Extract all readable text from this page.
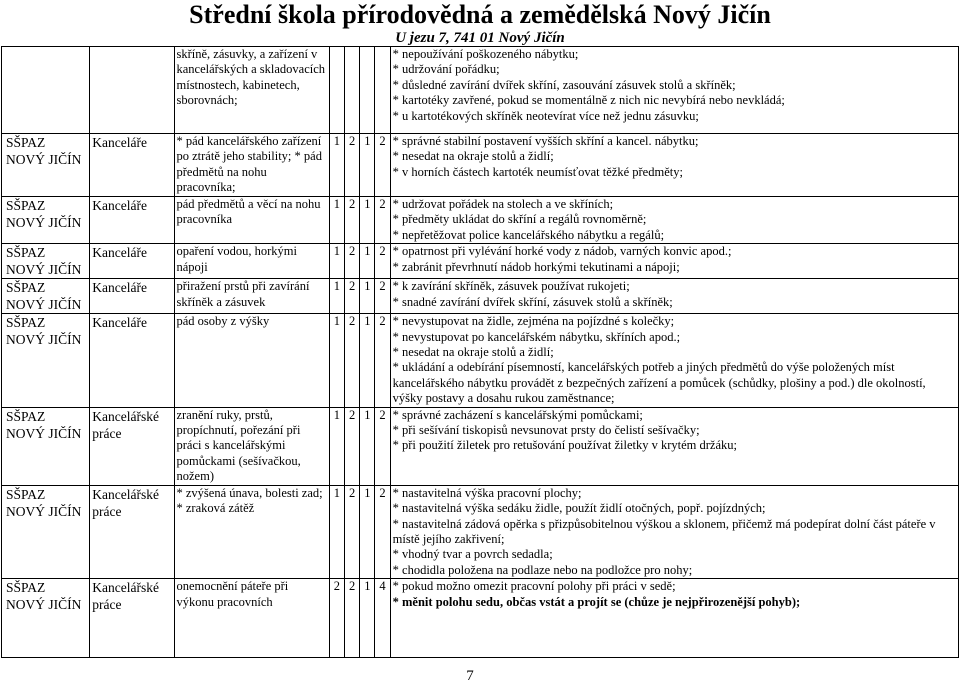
Střední škola přírodovědná a zemědělská Nový Jičín
U jezu 7, 741 01 Nový Jičín
		skříně, zásuvky, a zařízení v kancelářských a skladovacích místnostech, kabinetech, sborovnách;					* nepoužívání poškozeného nábytku;
* udržování pořádku;
* důsledné zavírání dvířek skříní, zasouvání zásuvek stolů a skříněk;
* kartotéky zavřené, pokud se momentálně z nich nic nevybírá nebo nevkládá;
* u kartotékových skříněk neotevírat více než jednu zásuvku;

SŠPAZ NOVÝ JIČÍN	Kanceláře	* pád kancelářského zařízení po ztrátě jeho stability; * pád předmětů na nohu pracovníka;	1	2	1	2	* správné stabilní postavení vyšších skříní a kancel. nábytku;
* nesedat na okraje stolů a židlí;
* v horních částech kartoték neumísťovat těžké předměty;

SŠPAZ NOVÝ JIČÍN	Kanceláře	pád předmětů a věcí na nohu pracovníka	1	2	1	2	* udržovat pořádek na stolech a ve skříních;
* předměty ukládat do skříní a regálů rovnoměrně;
* nepřetěžovat police kancelářského nábytku a regálů;

SŠPAZ NOVÝ JIČÍN	Kanceláře	opaření vodou, horkými nápoji	1	2	1	2	* opatrnost při vylévání horké vody z nádob, varných konvic apod.;
* zabránit převrhnutí nádob horkými tekutinami a nápoji;

SŠPAZ NOVÝ JIČÍN	Kanceláře	přiražení prstů při zavírání skříněk a zásuvek	1	2	1	2	* k zavírání skříněk, zásuvek používat rukojeti;
* snadné zavírání dvířek skříní, zásuvek stolů a skříněk;

SŠPAZ NOVÝ JIČÍN	Kanceláře	pád osoby z výšky	1	2	1	2	* nevystupovat na židle, zejména na pojízdné s kolečky;
* nevystupovat po kancelářském nábytku, skříních apod.;
* nesedat na okraje stolů a židlí;
* ukládání a odebírání písemností, kancelářských potřeb a jiných předmětů do výše položených míst kancelářského nábytku provádět z bezpečných zařízení a pomůcek (schůdky, plošiny a pod.) dle okolností, výšky postavy a dosahu rukou zaměstnance;

SŠPAZ NOVÝ JIČÍN	Kancelářské práce	zranění ruky, prstů, propíchnutí, pořezání při práci s kancelářskými pomůckami (sešívačkou, nožem)	1	2	1	2	* správné zacházení s kancelářskými pomůckami;
* při sešívání tiskopisů nevsunovat prsty do čelistí sešívačky;
* při použití žiletek pro retušování používat žiletky v krytém držáku;

SŠPAZ NOVÝ JIČÍN	Kancelářské práce	* zvýšená únava, bolesti zad; * zraková zátěž	1	2	1	2	* nastavitelná výška pracovní plochy;
* nastavitelná výška sedáku židle, použít židlí otočných, popř. pojízdných;
* nastavitelná zádová opěrka s přizpůsobitelnou výškou a sklonem, přičemž má podepírat dolní část páteře v místě jejího zakřivení;
* vhodný tvar a povrch sedadla;
* chodidla položena na podlaze nebo na podložce pro nohy;

SŠPAZ NOVÝ JIČÍN	Kancelářské práce	onemocnění páteře při výkonu pracovních	2	2	1	4	* pokud možno omezit pracovní polohy při práci v sedě;
* měnit polohu sedu, občas vstát a projít se (chůze je nejpřirozenější pohyb);
7
